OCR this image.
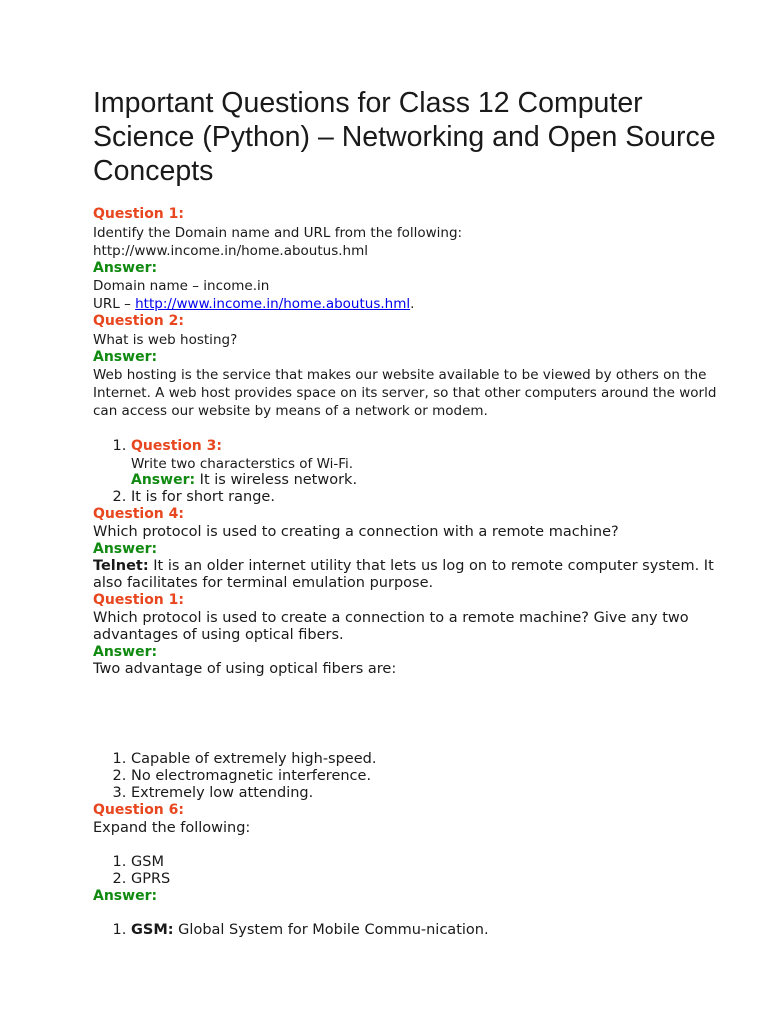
Important Questions for Class 12 Computer Science (Python) – Networking and Open Source Concepts
Question 1:
Identify the Domain name and URL from the following:
http://www.income.in/home.aboutus.hml
Answer:
Domain name – income.in
URL – http://www.income.in/home.aboutus.hml.
Question 2:
What is web hosting?
Answer:
Web hosting is the service that makes our website available to be viewed by others on the Internet. A web host provides space on its server, so that other computers around the world can access our website by means of a network or modem.
1. Question 3:
Write two characterstics of Wi-Fi.
Answer: It is wireless network.
2. It is for short range.
Question 4:
Which protocol is used to creating a connection with a remote machine?
Answer:
Telnet: It is an older internet utility that lets us log on to remote computer system. It also facilitates for terminal emulation purpose.
Question 1:
Which protocol is used to create a connection to a remote machine? Give any two advantages of using optical fibers.
Answer:
Two advantage of using optical fibers are:
1. Capable of extremely high-speed.
2. No electromagnetic interference.
3. Extremely low attending.
Question 6:
Expand the following:
1. GSM
2. GPRS
Answer:
1. GSM: Global System for Mobile Commu-nication.
